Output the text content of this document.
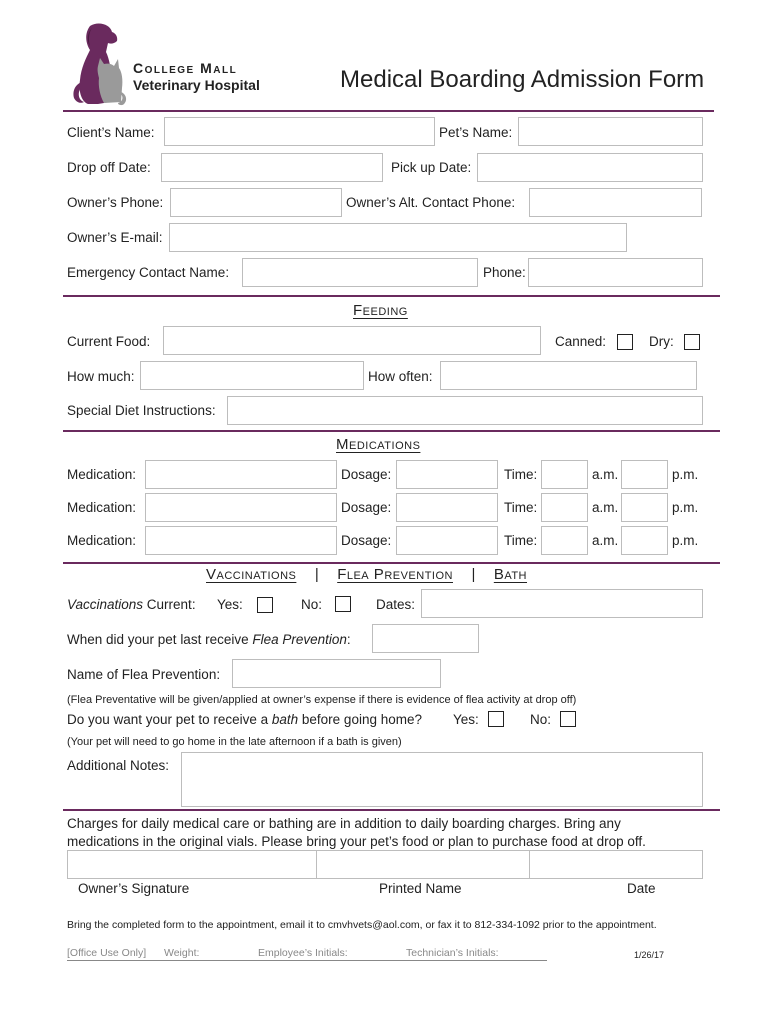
College Mall
Veterinary Hospital	Medical Boarding Admission Form
Client’s Name:	Pet’s Name:
Drop off Date:	Pick up Date:
Owner’s Phone:	Owner’s Alt. Contact Phone:
Owner’s E-mail:
Emergency Contact Name:	Phone:
Feeding
Current Food:	Canned:	Dry:
How much:	How often:
Special Diet Instructions:
Medications
Medication:	Dosage:	Time:	a.m.	p.m.
Medication:	Dosage:	Time:	a.m.	p.m.
Medication:	Dosage:	Time:	a.m.	p.m.
Vaccinations | Flea Prevention | Bath
Vaccinations Current: Yes:	No:	Dates:
When did your pet last receive Flea Prevention:
Name of Flea Prevention:
(Flea Preventative will be given/applied at owner’s expense if there is evidence of flea activity at drop off)
Do you want your pet to receive a bath before going home? Yes:	No:
(Your pet will need to go home in the late afternoon if a bath is given)
Additional Notes:
Charges for daily medical care or bathing are in addition to daily boarding charges. Bring any
medications in the original vials. Please bring your pet’s food or plan to purchase food at drop off.
Owner’s Signature	Printed Name	Date
Bring the completed form to the appointment, email it to cmvhvets@aol.com, or fax it to 812-334-1092 prior to the appointment.
[Office Use Only] Weight:	Employee’s Initials:	Technician’s Initials:	1/26/17
